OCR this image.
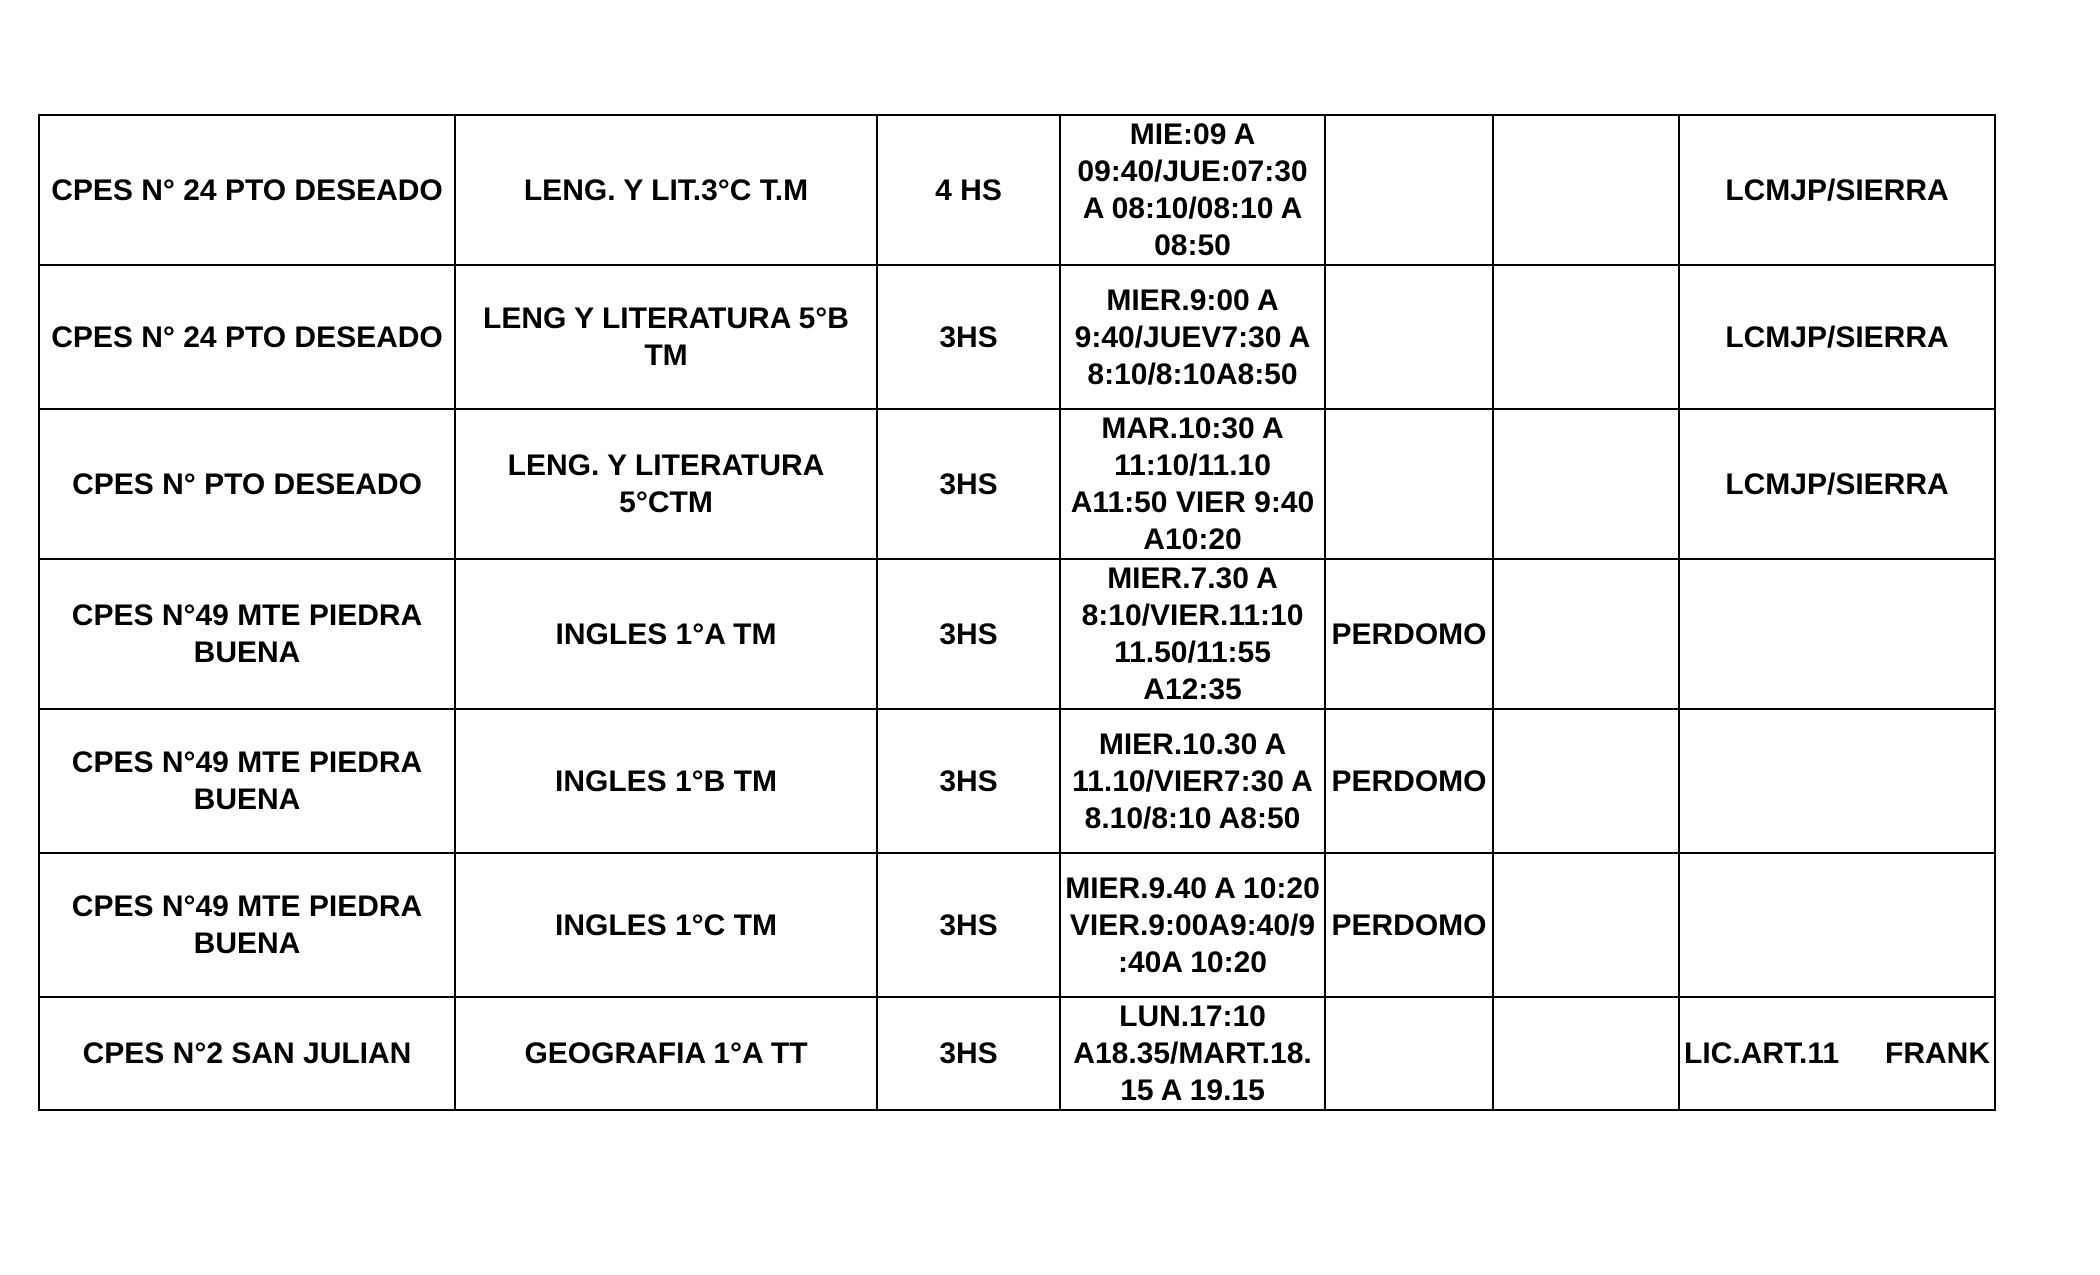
CPES N° 24 PTO DESEADO	LENG. Y LIT.3°C T.M	4 HS	MIE:09 A 09:40/JUE:07:30 A 08:10/08:10 A 08:50			LCMJP/SIERRA
CPES N° 24 PTO DESEADO	LENG Y LITERATURA 5°B TM	3HS	MIER.9:00 A 9:40/JUEV7:30 A 8:10/8:10A8:50			LCMJP/SIERRA
CPES N° PTO DESEADO	LENG. Y LITERATURA 5°CTM	3HS	MAR.10:30 A 11:10/11.10 A11:50 VIER 9:40 A10:20			LCMJP/SIERRA
CPES N°49 MTE PIEDRA BUENA	INGLES 1°A TM	3HS	MIER.7.30 A 8:10/VIER.11:10 11.50/11:55 A12:35	PERDOMO		
CPES N°49 MTE PIEDRA BUENA	INGLES 1°B TM	3HS	MIER.10.30 A 11.10/VIER7:30 A 8.10/8:10 A8:50	PERDOMO		
CPES N°49 MTE PIEDRA BUENA	INGLES 1°C TM	3HS	MIER.9.40 A 10:20 VIER.9:00A9:40/9:40A 10:20	PERDOMO		
CPES N°2 SAN JULIAN	GEOGRAFIA 1°A TT	3HS	LUN.17:10 A18.35/MART.18.15 A 19.15			LIC.ART.11 FRANK
